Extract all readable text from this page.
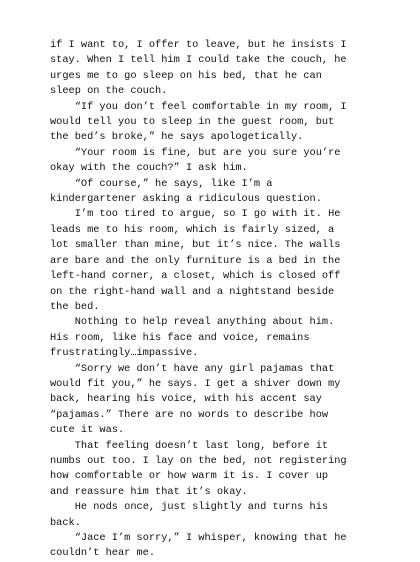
if I want to, I offer to leave, but he insists I
stay. When I tell him I could take the couch, he
urges me to go sleep on his bed, that he can
sleep on the couch.

“If you don’t feel comfortable in my room, I
would tell you to sleep in the guest room, but
the bed’s broke,” he says apologetically.

“Your room is fine, but are you sure you’re
okay with the couch?” I ask him.

“Of course,” he says, like I’m a
kindergartener asking a ridiculous question.

I’m too tired to argue, so I go with it. He
leads me to his room, which is fairly sized, a
lot smaller than mine, but it’s nice. The walls
are bare and the only furniture is a bed in the
left-hand corner, a closet, which is closed off
on the right-hand wall and a nightstand beside
the bed.

Nothing to help reveal anything about him.
His room, like his face and voice, remains
frustratingly…impassive.

“Sorry we don’t have any girl pajamas that
would fit you,” he says. I get a shiver down my
back, hearing his voice, with his accent say
“pajamas.” There are no words to describe how
cute it was.

That feeling doesn’t last long, before it
numbs out too. I lay on the bed, not registering
how comfortable or how warm it is. I cover up
and reassure him that it’s okay.

He nods once, just slightly and turns his
back.

“Jace I’m sorry,” I whisper, knowing that he
couldn’t hear me.
